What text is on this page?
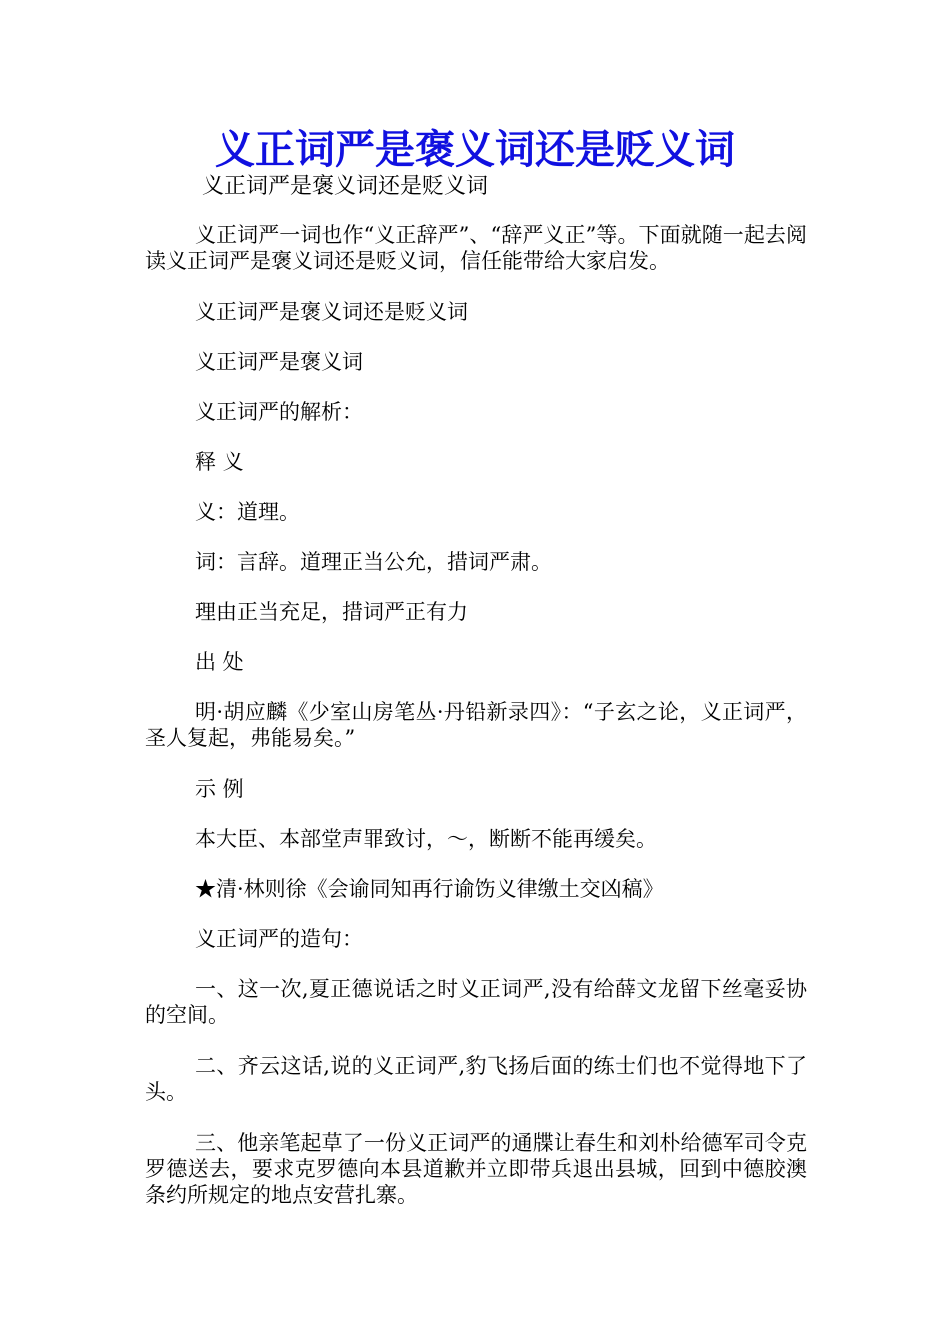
义正词严是褒义词还是贬义词
义正词严是褒义词还是贬义词

义正词严一词也作“义正辞严”、“辞严义正”等。下面就随一起去阅读义正词严是褒义词还是贬义词，信任能带给大家启发。

义正词严是褒义词还是贬义词

义正词严是褒义词

义正词严的解析：

释 义

义：道理。

词：言辞。道理正当公允，措词严肃。

理由正当充足，措词严正有力

出 处

明·胡应麟《少室山房笔丛·丹铅新录四》：“子玄之论，义正词严，圣人复起，弗能易矣。”

示 例

本大臣、本部堂声罪致讨，～，断断不能再缓矣。

★清·林则徐《会谕同知再行谕饬义律缴土交凶稿》

义正词严的造句：

一、这一次,夏正德说话之时义正词严,没有给薛文龙留下丝毫妥协的空间。

二、齐云这话,说的义正词严,豹飞扬后面的练士们也不觉得地下了头。

三、他亲笔起草了一份义正词严的通牒让春生和刘朴给德军司令克罗德送去，要求克罗德向本县道歉并立即带兵退出县城，回到中德胶澳条约所规定的地点安营扎寨。
